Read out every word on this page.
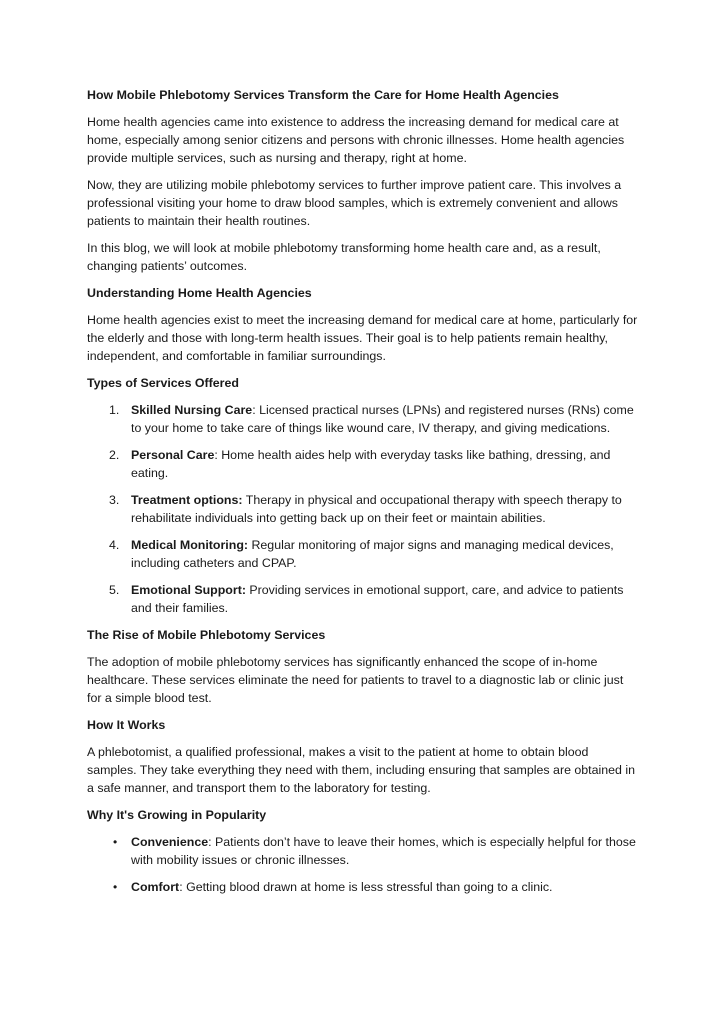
How Mobile Phlebotomy Services Transform the Care for Home Health Agencies

Home health agencies came into existence to address the increasing demand for medical care at home, especially among senior citizens and persons with chronic illnesses. Home health agencies provide multiple services, such as nursing and therapy, right at home.

Now, they are utilizing mobile phlebotomy services to further improve patient care. This involves a professional visiting your home to draw blood samples, which is extremely convenient and allows patients to maintain their health routines.

In this blog, we will look at mobile phlebotomy transforming home health care and, as a result, changing patients’ outcomes.

Understanding Home Health Agencies

Home health agencies exist to meet the increasing demand for medical care at home, particularly for the elderly and those with long-term health issues. Their goal is to help patients remain healthy, independent, and comfortable in familiar surroundings.

Types of Services Offered

1. Skilled Nursing Care: Licensed practical nurses (LPNs) and registered nurses (RNs) come to your home to take care of things like wound care, IV therapy, and giving medications.
2. Personal Care: Home health aides help with everyday tasks like bathing, dressing, and eating.
3. Treatment options: Therapy in physical and occupational therapy with speech therapy to rehabilitate individuals into getting back up on their feet or maintain abilities.
4. Medical Monitoring: Regular monitoring of major signs and managing medical devices, including catheters and CPAP.
5. Emotional Support: Providing services in emotional support, care, and advice to patients and their families.

The Rise of Mobile Phlebotomy Services

The adoption of mobile phlebotomy services has significantly enhanced the scope of in-home healthcare. These services eliminate the need for patients to travel to a diagnostic lab or clinic just for a simple blood test.

How It Works

A phlebotomist, a qualified professional, makes a visit to the patient at home to obtain blood samples. They take everything they need with them, including ensuring that samples are obtained in a safe manner, and transport them to the laboratory for testing.

Why It's Growing in Popularity

• Convenience: Patients don’t have to leave their homes, which is especially helpful for those with mobility issues or chronic illnesses.
• Comfort: Getting blood drawn at home is less stressful than going to a clinic.
